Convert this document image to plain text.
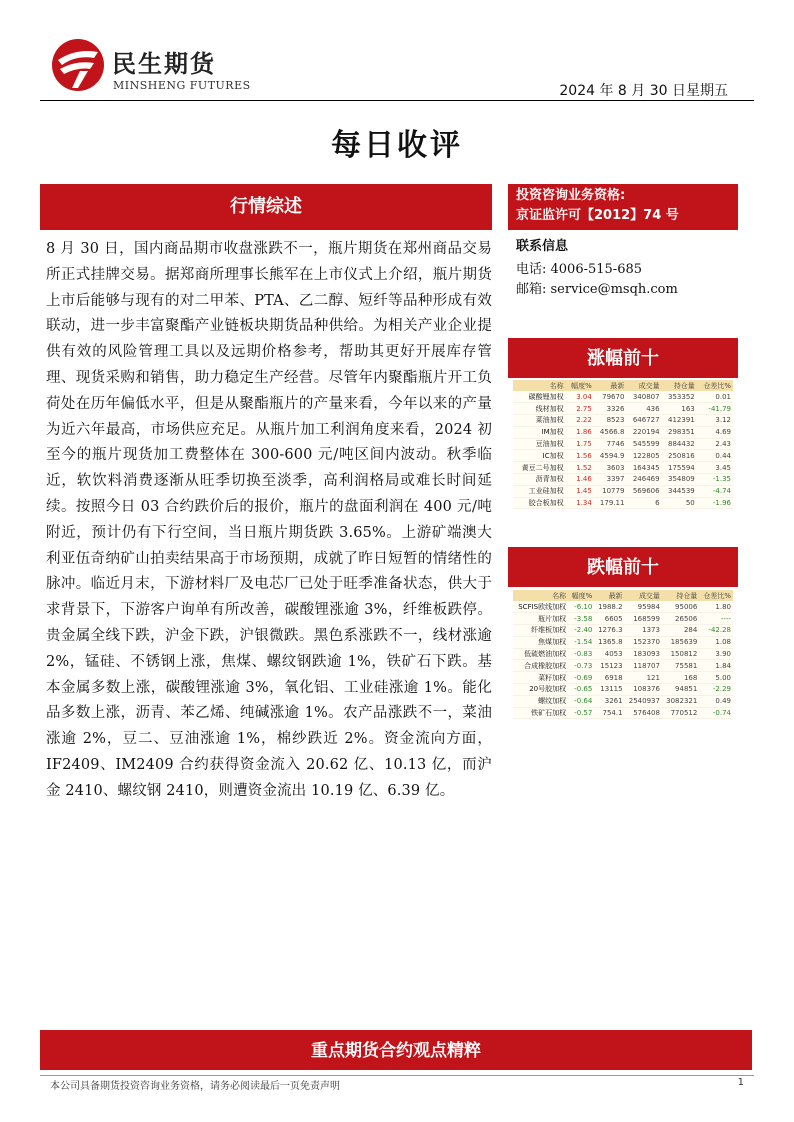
民生期货
MINSHENG FUTURES	2024 年 8 月 30 日星期五
每日收评
行情综述
8 月 30 日，国内商品期市收盘涨跌不一，瓶片期货在郑州商品交易所正式挂牌交易。据郑商所理事长熊军在上市仪式上介绍，瓶片期货上市后能够与现有的对二甲苯、PTA、乙二醇、短纤等品种形成有效联动，进一步丰富聚酯产业链板块期货品种供给。为相关产业企业提供有效的风险管理工具以及远期价格参考，帮助其更好开展库存管理、现货采购和销售，助力稳定生产经营。尽管年内聚酯瓶片开工负荷处在历年偏低水平，但是从聚酯瓶片的产量来看，今年以来的产量为近六年最高，市场供应充足。从瓶片加工利润角度来看，2024 初至今的瓶片现货加工费整体在 300-600 元/吨区间内波动。秋季临近，软饮料消费逐渐从旺季切换至淡季，高利润格局或难长时间延续。按照今日 03 合约跌价后的报价，瓶片的盘面利润在 400 元/吨附近，预计仍有下行空间，当日瓶片期货跌 3.65%。上游矿端澳大利亚伍奇纳矿山拍卖结果高于市场预期，成就了昨日短暂的情绪性的脉冲。临近月末，下游材料厂及电芯厂已处于旺季准备状态，供大于求背景下，下游客户询单有所改善，碳酸锂涨逾 3%，纤维板跌停。贵金属全线下跌，沪金下跌，沪银微跌。黑色系涨跌不一，线材涨逾 2%，锰硅、不锈钢上涨，焦煤、螺纹钢跌逾 1%，铁矿石下跌。基本金属多数上涨，碳酸锂涨逾 3%，氧化铝、工业硅涨逾 1%。能化品多数上涨，沥青、苯乙烯、纯碱涨逾 1%。农产品涨跌不一，菜油涨逾 2%，豆二、豆油涨逾 1%，棉纱跌近 2%。资金流向方面，IF2409、IM2409 合约获得资金流入 20.62 亿、10.13 亿，而沪金 2410、螺纹钢 2410，则遭资金流出 10.19 亿、6.39 亿。
投资咨询业务资格:
京证监许可【2012】74 号
联系信息
电话: 4006-515-685
邮箱: service@msqh.com
涨幅前十
名称	幅度%	最新	成交量	持仓量	仓差比%
碳酸锂加权	3.04	79670	340807	353352	0.01
线材加权	2.75	3326	436	163	-41.79
菜油加权	2.22	8523	646727	412391	3.12
IM加权	1.86	4566.8	220194	298351	4.69
豆油加权	1.75	7746	545599	884432	2.43
IC加权	1.56	4594.9	122805	250816	0.44
黄豆二号加权	1.52	3603	164345	175594	3.45
沥青加权	1.46	3397	246469	354809	-1.35
工业硅加权	1.45	10779	569606	344539	-4.74
胶合板加权	1.34	179.11	6	50	-1.96
跌幅前十
名称	幅度%	最新	成交量	持仓量	仓差比%
SCFIS欧线加权	-6.10	1988.2	95984	95006	1.80
瓶片加权	-3.58	6605	168599	26506	----
纤维板加权	-2.40	1276.3	1373	284	-42.28
焦煤加权	-1.54	1365.8	152370	185639	1.08
低硫燃油加权	-0.83	4053	183093	150812	3.90
合成橡胶加权	-0.73	15123	118707	75581	1.84
菜籽加权	-0.69	6918	121	168	5.00
20号胶加权	-0.65	13115	108376	94851	-2.29
螺纹加权	-0.64	3261	2540937	3082321	0.49
铁矿石加权	-0.57	754.1	576408	770512	-0.74
重点期货合约观点精粹
本公司具备期货投资咨询业务资格，请务必阅读最后一页免责声明	1
